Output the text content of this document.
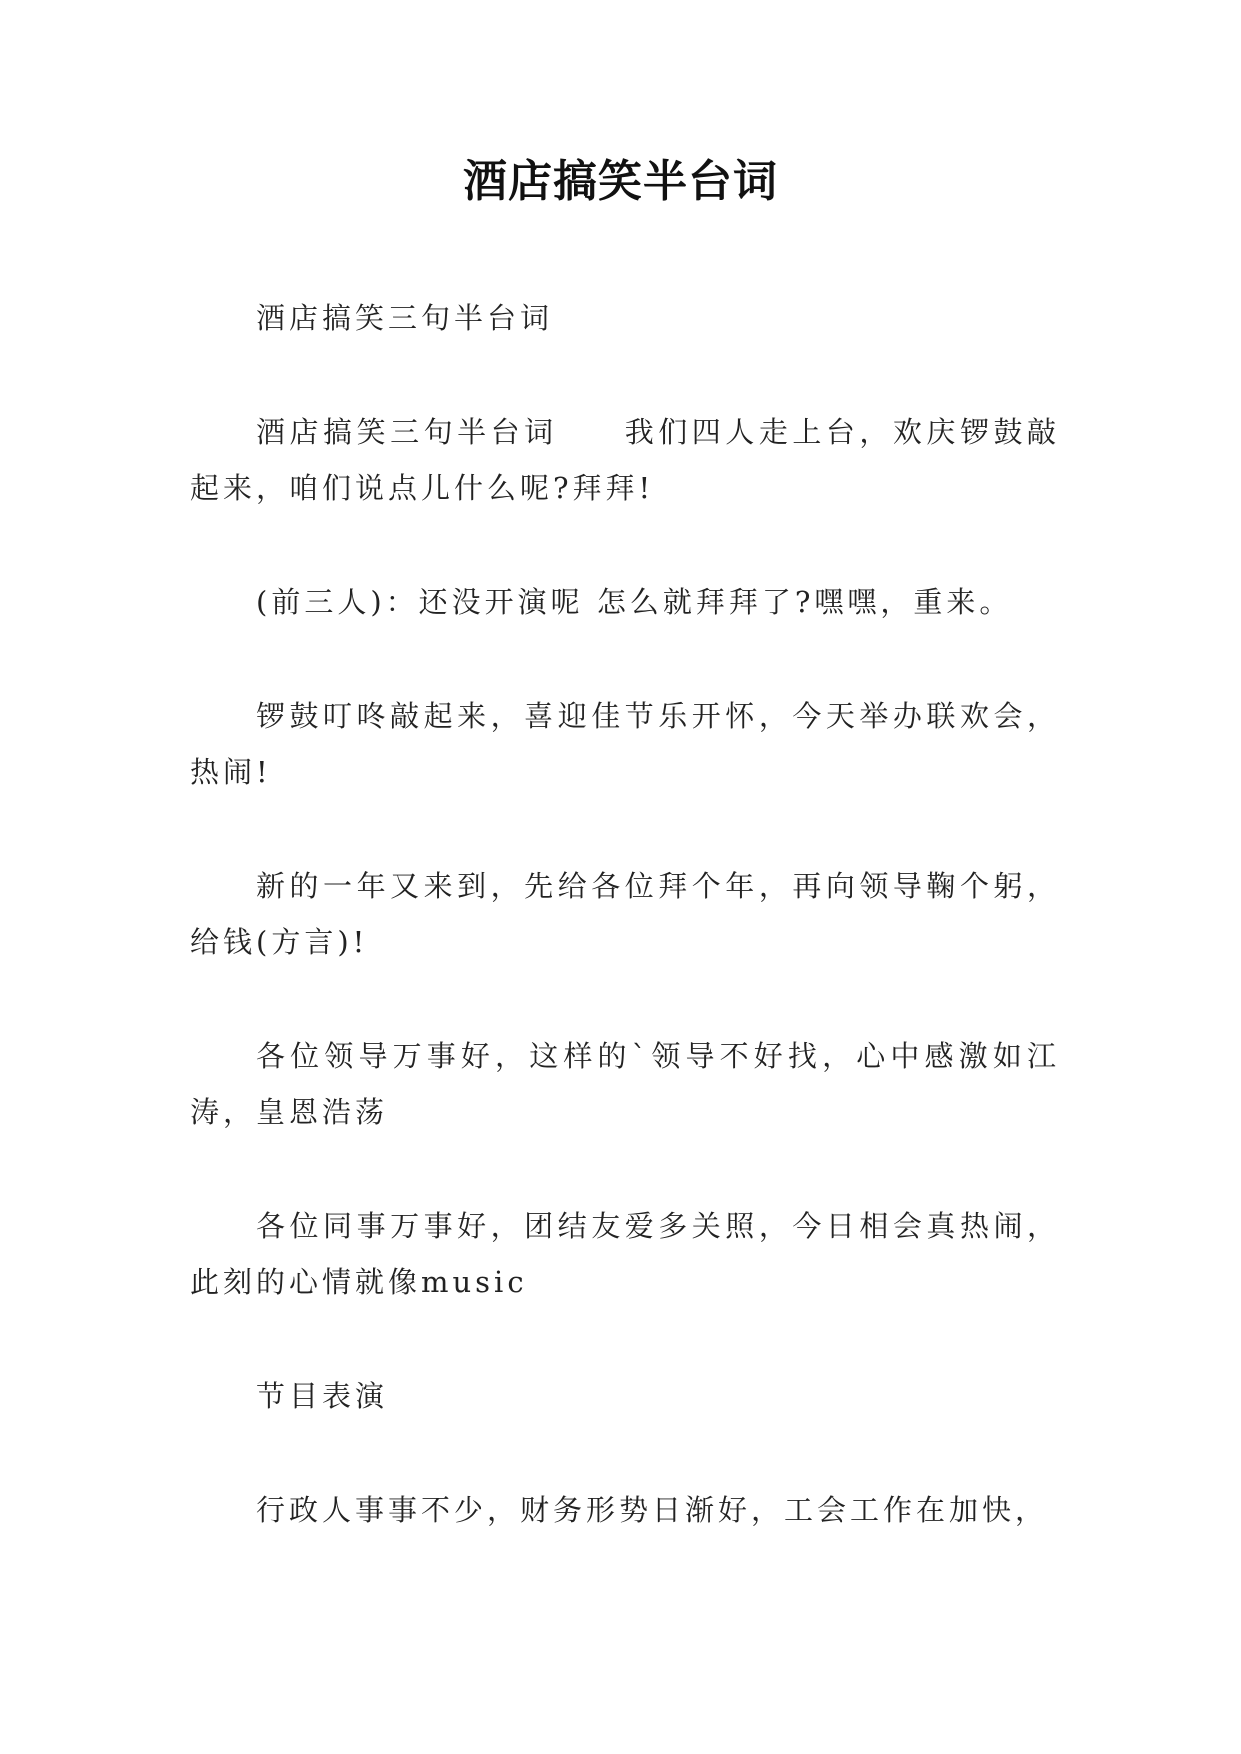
酒店搞笑半台词

酒店搞笑三句半台词

酒店搞笑三句半台词　　我们四人走上台，欢庆锣鼓敲起来，咱们说点儿什么呢?拜拜!

(前三人)：还没开演呢 怎么就拜拜了?嘿嘿，重来。

锣鼓叮咚敲起来，喜迎佳节乐开怀，今天举办联欢会，热闹!

新的一年又来到，先给各位拜个年，再向领导鞠个躬，给钱(方言)!

各位领导万事好，这样的`领导不好找，心中感激如江涛，皇恩浩荡

各位同事万事好，团结友爱多关照，今日相会真热闹，此刻的心情就像music

节目表演

行政人事事不少，财务形势日渐好，工会工作在加快，
